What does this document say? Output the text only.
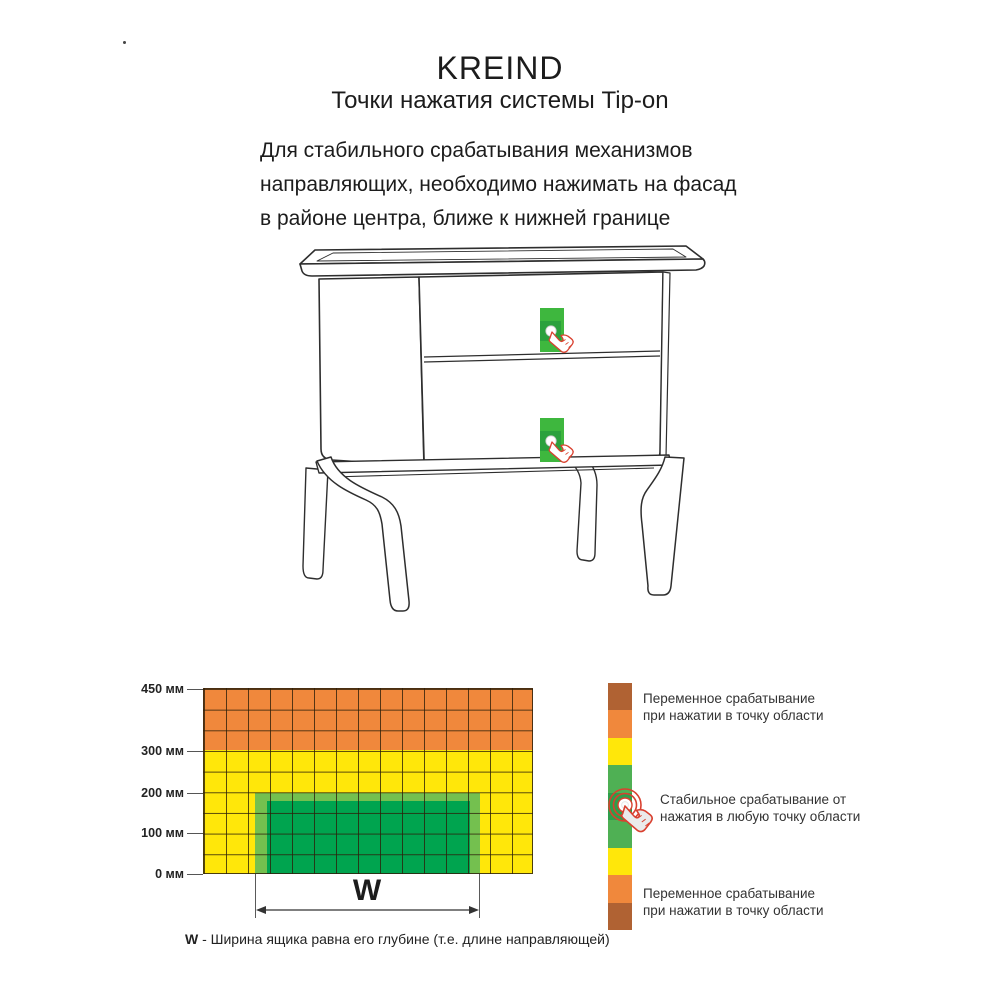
KREIND
Точки нажатия системы Tip-on
Для стабильного срабатывания механизмов
направляющих, необходимо нажимать на фасад
в районе центра, ближе к нижней границе
450 мм
300 мм
200 мм
100 мм
0 мм	W
W - Ширина ящика равна его глубине (т.е. длине направляющей)
Переменное срабатывание
при нажатии в точку области
Стабильное срабатывание от
нажатия в любую точку области
Переменное срабатывание
при нажатии в точку области
